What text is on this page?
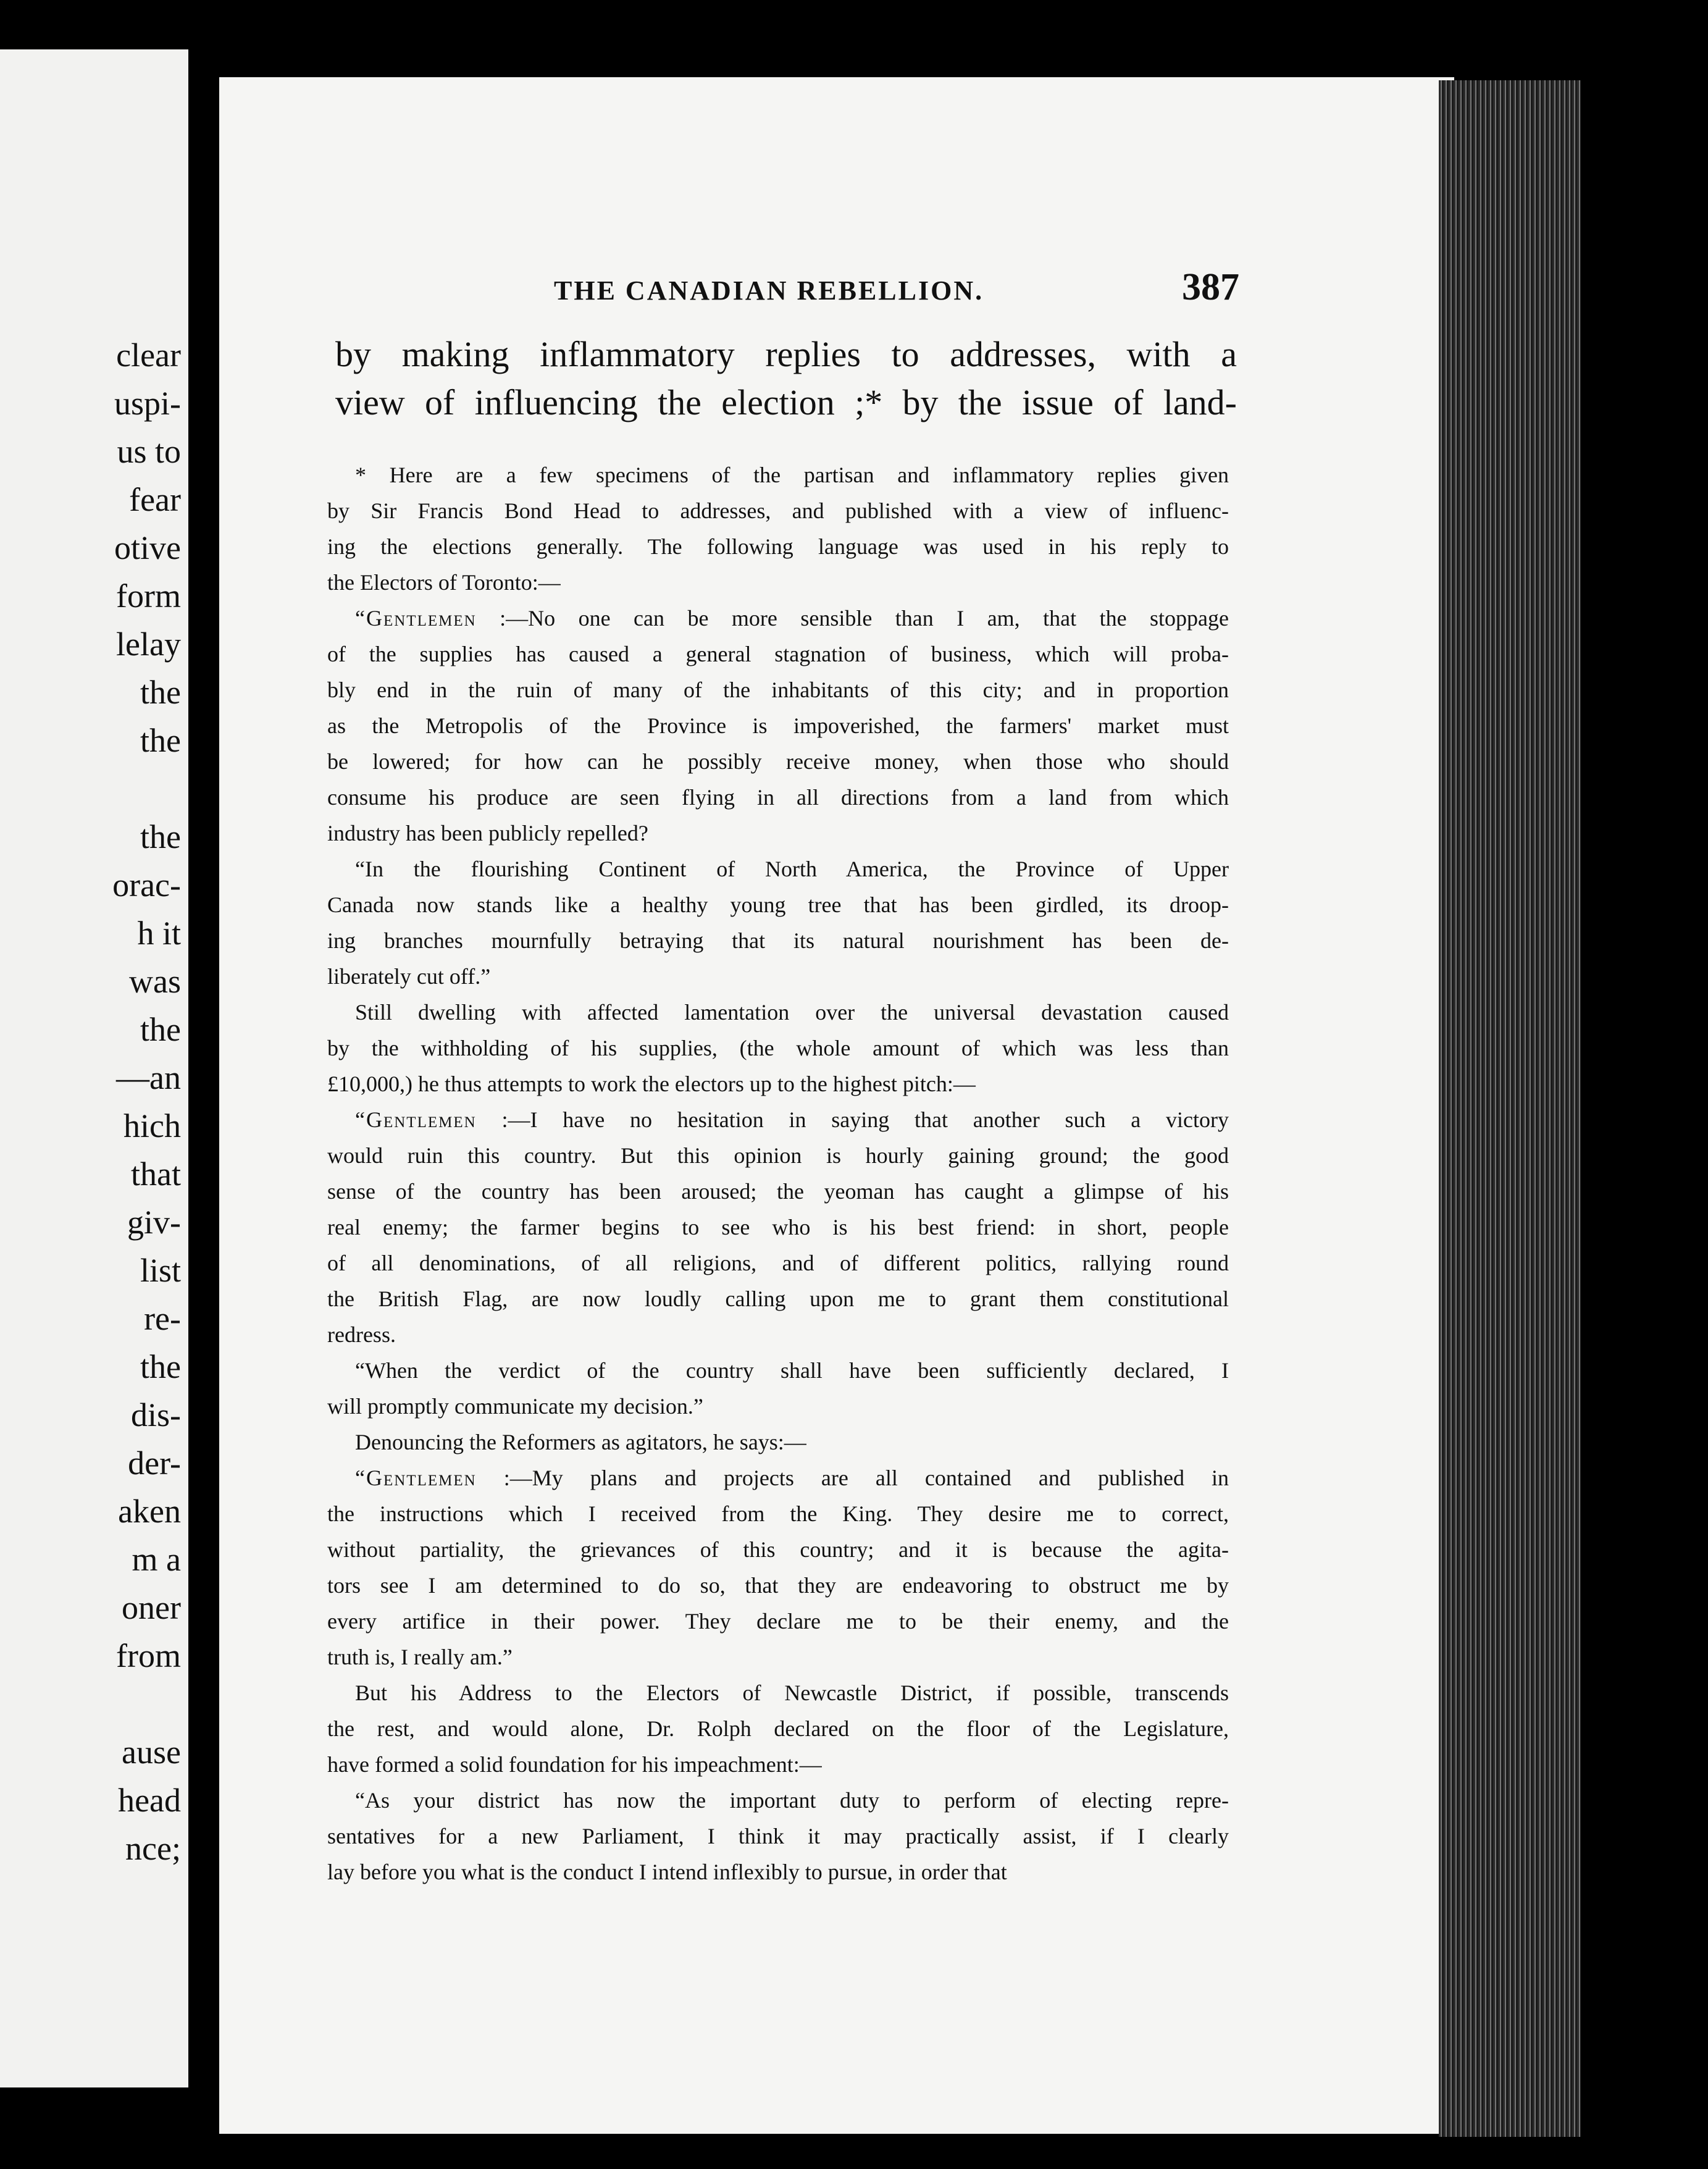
clear
uspi-
us to
fear
otive
form
lelay
the
the
the
orac-
h it
was
the
—an
hich
that
giv-
list
re-
the
dis-
der-
aken
m a
oner
from
ause
head
nce;
THE CANADIAN REBELLION.	387
by making inflammatory replies to addresses, with a
view of influencing the election ;* by the issue of land-
* Here are a few specimens of the partisan and inflammatory replies given
by Sir Francis Bond Head to addresses, and published with a view of influenc-
ing the elections generally. The following language was used in his reply to
the Electors of Toronto:—
“Gentlemen :—No one can be more sensible than I am, that the stoppage
of the supplies has caused a general stagnation of business, which will proba-
bly end in the ruin of many of the inhabitants of this city; and in proportion
as the Metropolis of the Province is impoverished, the farmers' market must
be lowered; for how can he possibly receive money, when those who should
consume his produce are seen flying in all directions from a land from which
industry has been publicly repelled?
“In the flourishing Continent of North America, the Province of Upper
Canada now stands like a healthy young tree that has been girdled, its droop-
ing branches mournfully betraying that its natural nourishment has been de-
liberately cut off.”
Still dwelling with affected lamentation over the universal devastation caused
by the withholding of his supplies, (the whole amount of which was less than
£10,000,) he thus attempts to work the electors up to the highest pitch:—
“Gentlemen :—I have no hesitation in saying that another such a victory
would ruin this country. But this opinion is hourly gaining ground; the good
sense of the country has been aroused; the yeoman has caught a glimpse of his
real enemy; the farmer begins to see who is his best friend: in short, people
of all denominations, of all religions, and of different politics, rallying round
the British Flag, are now loudly calling upon me to grant them constitutional
redress.
“When the verdict of the country shall have been sufficiently declared, I
will promptly communicate my decision.”
Denouncing the Reformers as agitators, he says:—
“Gentlemen :—My plans and projects are all contained and published in
the instructions which I received from the King. They desire me to correct,
without partiality, the grievances of this country; and it is because the agita-
tors see I am determined to do so, that they are endeavoring to obstruct me by
every artifice in their power. They declare me to be their enemy, and the
truth is, I really am.”
But his Address to the Electors of Newcastle District, if possible, transcends
the rest, and would alone, Dr. Rolph declared on the floor of the Legislature,
have formed a solid foundation for his impeachment:—
“As your district has now the important duty to perform of electing repre-
sentatives for a new Parliament, I think it may practically assist, if I clearly
lay before you what is the conduct I intend inflexibly to pursue, in order that
